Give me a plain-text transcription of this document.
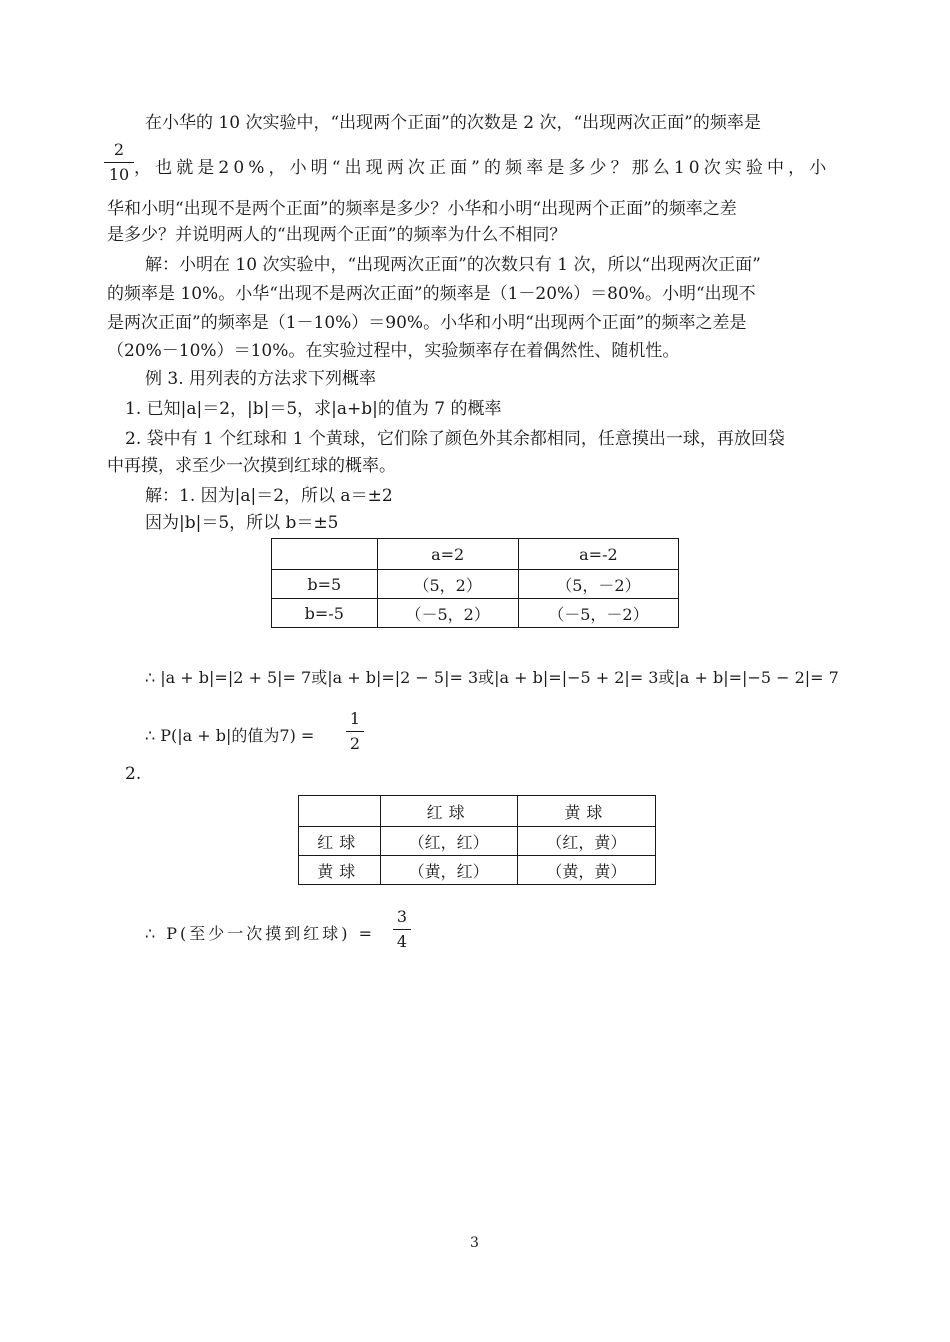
在小华的 10 次实验中，“出现两个正面”的次数是 2 次，“出现两次正面”的频率是
2
10 ，也就是20%，小明“出现两次正面”的频率是多少？那么10次实验中，小
华和小明“出现不是两个正面”的频率是多少？小华和小明“出现两个正面”的频率之差
是多少？并说明两人的“出现两个正面”的频率为什么不相同？
解：小明在 10 次实验中，“出现两次正面”的次数只有 1 次，所以“出现两次正面”
的频率是 10%。小华“出现不是两次正面”的频率是（1－20%）＝80%。小明“出现不
是两次正面”的频率是（1－10%）＝90%。小华和小明“出现两个正面”的频率之差是
（20%－10%）＝10%。在实验过程中，实验频率存在着偶然性、随机性。
例 3. 用列表的方法求下列概率
1. 已知|a|＝2，|b|＝5，求|a+b|的值为 7 的概率
2. 袋中有 1 个红球和 1 个黄球，它们除了颜色外其余都相同，任意摸出一球，再放回袋
中再摸，求至少一次摸到红球的概率。
解：1. 因为|a|＝2，所以 a＝±2
因为|b|＝5，所以 b＝±5
	a=2	a=-2
b=5	（5，2）	（5，－2）
b=-5	（－5，2）	（－5，－2）
∴ |a + b|=|2 + 5|= 7或|a + b|=|2 − 5|= 3或|a + b|=|−5 + 2|= 3或|a + b|=|−5 − 2|= 7
∴ P(|a + b|的值为7) =
1
2
2.
	红球	黄球
红球	（红，红）	（红，黄）
黄球	（黄，红）	（黄，黄）
∴ P(至少一次摸到红球) =
3
4
3
